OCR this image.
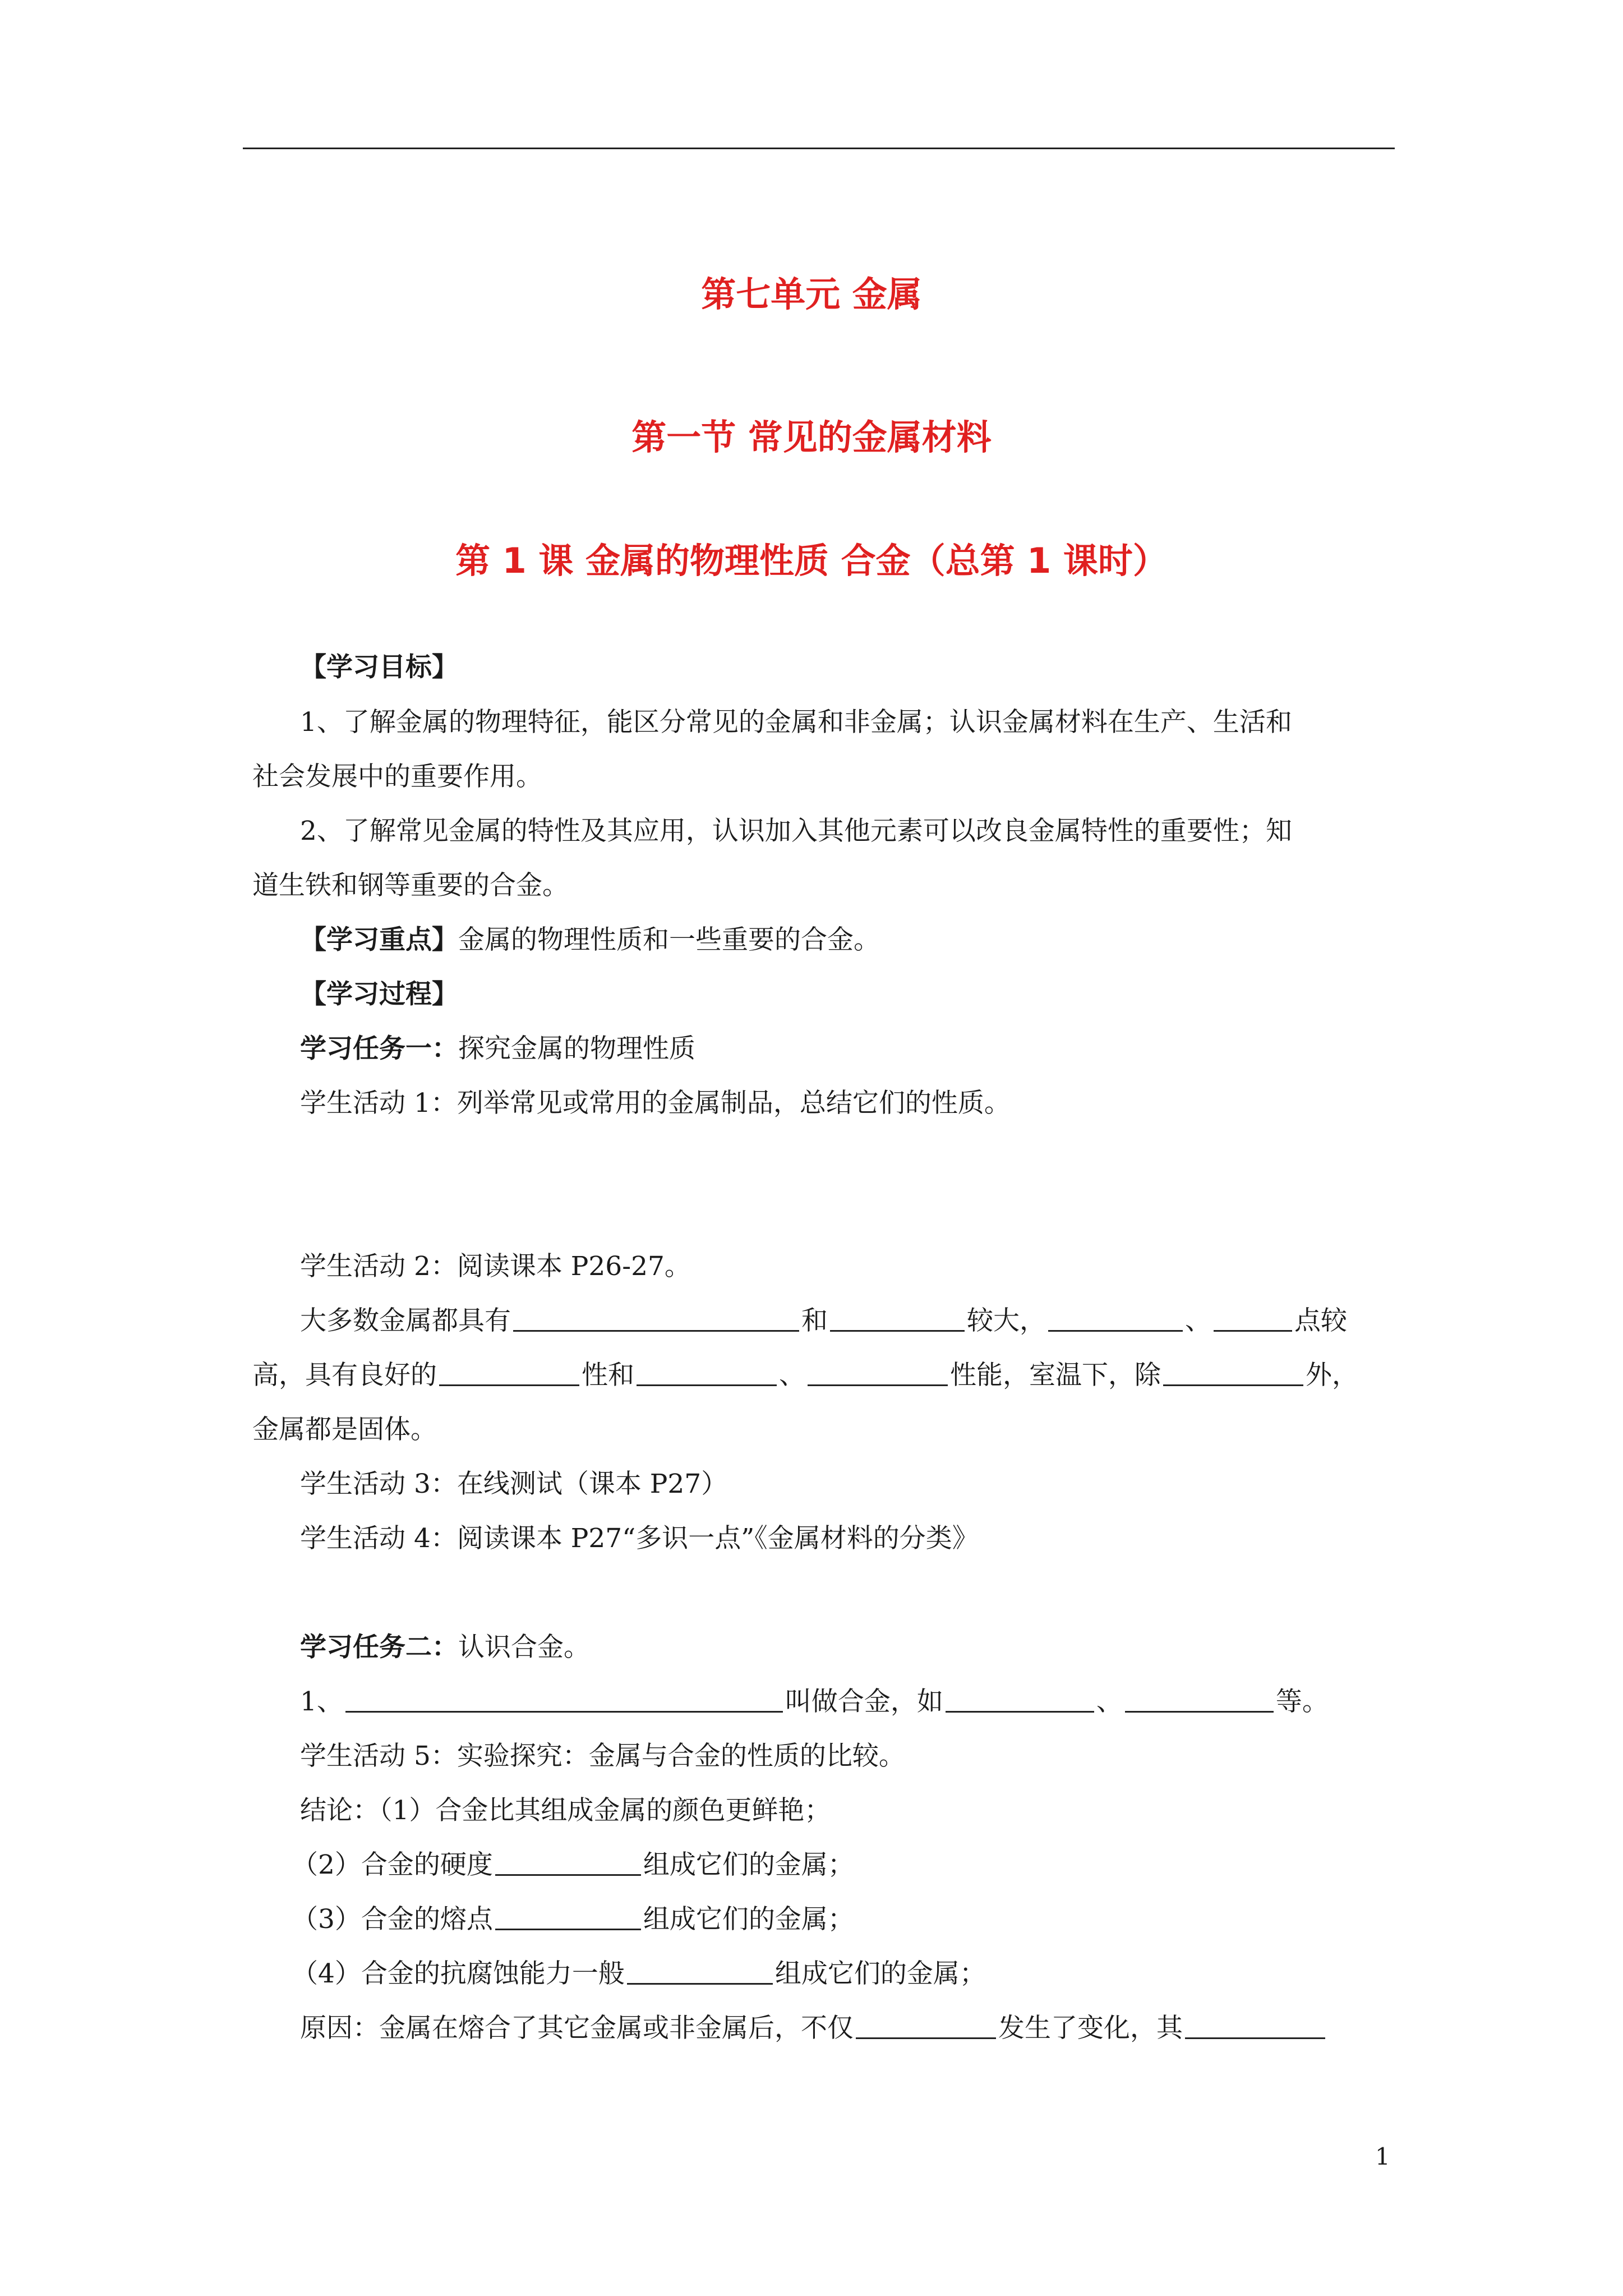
第七单元 金属
第一节 常见的金属材料
第 1 课 金属的物理性质 合金（总第 1 课时）
【学习目标】
1、了解金属的物理特征，能区分常见的金属和非金属；认识金属材料在生产、生活和
社会发展中的重要作用。
2、了解常见金属的特性及其应用，认识加入其他元素可以改良金属特性的重要性；知
道生铁和钢等重要的合金。
【学习重点】金属的物理性质和一些重要的合金。
【学习过程】
学习任务一：探究金属的物理性质
学生活动 1：列举常见或常用的金属制品，总结它们的性质。
学生活动 2：阅读课本 P26-27。
大多数金属都具有	和	较大，	、	点较
高，具有良好的	性和	、	性能，室温下，除	外，
金属都是固体。
学生活动 3：在线测试（课本 P27）
学生活动 4：阅读课本 P27“多识一点”《金属材料的分类》
学习任务二：认识合金。
1、	叫做合金，如	、	等。
学生活动 5：实验探究：金属与合金的性质的比较。
结论：（1）合金比其组成金属的颜色更鲜艳；
（2）合金的硬度	组成它们的金属；
（3）合金的熔点	组成它们的金属；
（4）合金的抗腐蚀能力一般	组成它们的金属；
原因：金属在熔合了其它金属或非金属后，不仅	发生了变化，其
1
